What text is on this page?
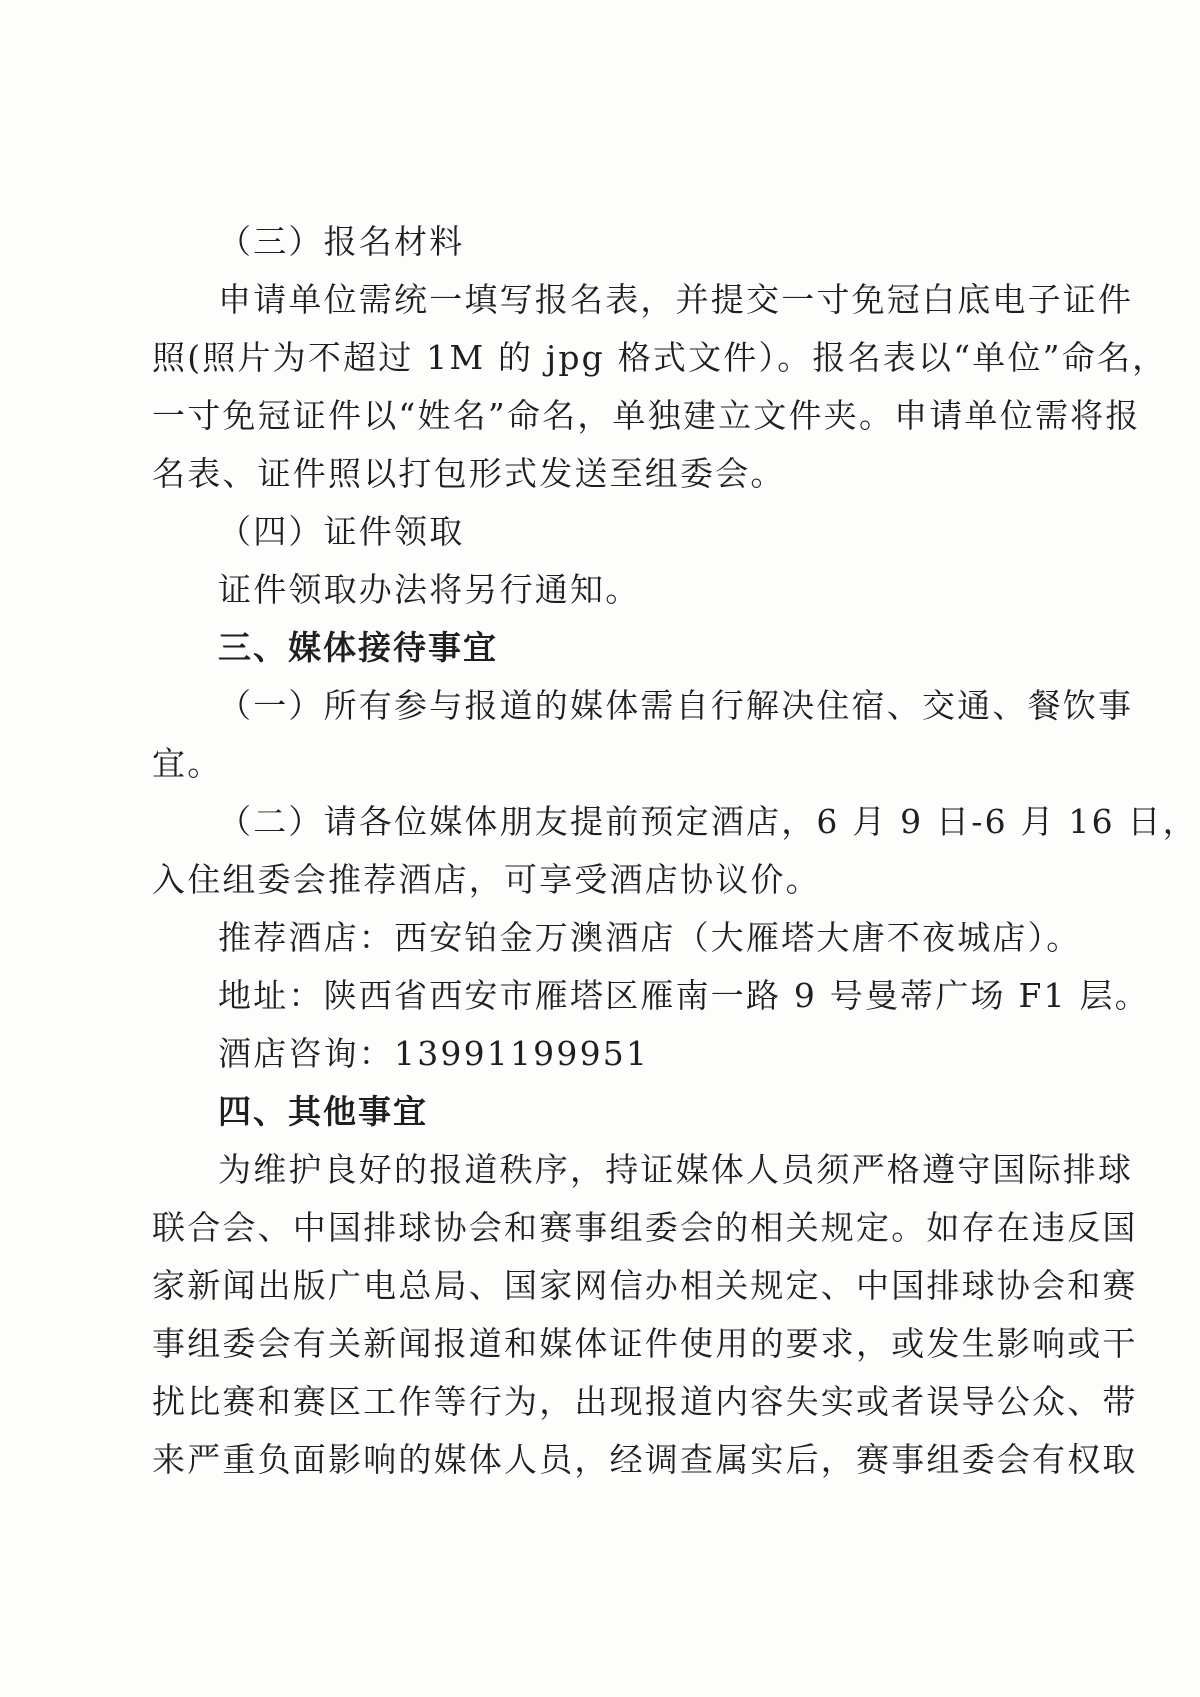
（三）报名材料
申请单位需统一填写报名表，并提交一寸免冠白底电子证件
照(照片为不超过 1M 的 jpg 格式文件）。报名表以“单位”命名，
一寸免冠证件以“姓名”命名，单独建立文件夹。申请单位需将报
名表、证件照以打包形式发送至组委会。
（四）证件领取
证件领取办法将另行通知。
三、媒体接待事宜
（一）所有参与报道的媒体需自行解决住宿、交通、餐饮事
宜。
（二）请各位媒体朋友提前预定酒店，6 月 9 日-6 月 16 日，
入住组委会推荐酒店，可享受酒店协议价。
推荐酒店：西安铂金万澳酒店（大雁塔大唐不夜城店）。
地址：陕西省西安市雁塔区雁南一路 9 号曼蒂广场 F1 层。
酒店咨询：13991199951
四、其他事宜
为维护良好的报道秩序，持证媒体人员须严格遵守国际排球
联合会、中国排球协会和赛事组委会的相关规定。如存在违反国
家新闻出版广电总局、国家网信办相关规定、中国排球协会和赛
事组委会有关新闻报道和媒体证件使用的要求，或发生影响或干
扰比赛和赛区工作等行为，出现报道内容失实或者误导公众、带
来严重负面影响的媒体人员，经调查属实后，赛事组委会有权取
